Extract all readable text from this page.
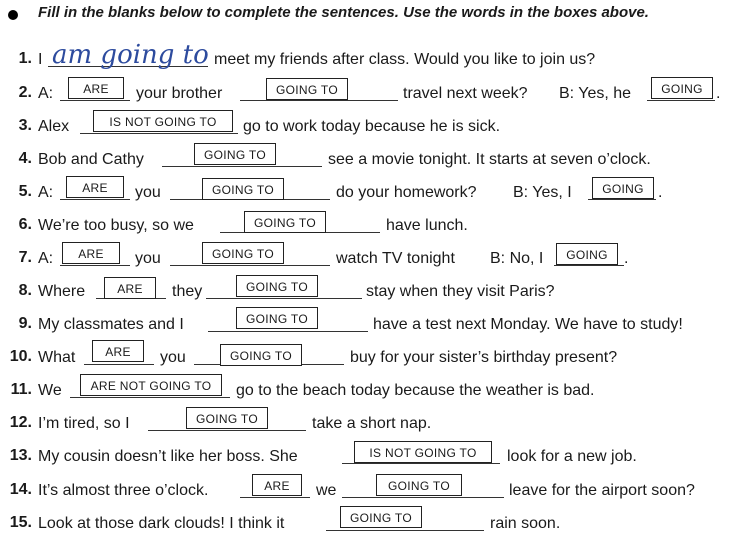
Fill in the blanks below to complete the sentences. Use the words in the boxes above.
1. I am going to meet my friends after class. Would you like to join us?
2. A:	ARE	your brother	GOING TO	travel next week? B: Yes, he	GOING .
3. Alex	IS NOT GOING TO	go to work today because he is sick.
4. Bob and Cathy	GOING TO	see a movie tonight. It starts at seven o’clock.
5. A:	ARE	you	GOING TO	do your homework? B: Yes, I	GOING .
6. We’re too busy, so we	GOING TO	have lunch.
7. A:	ARE	you	GOING TO	watch TV tonight B: No, I	GOING	.
8. Where	ARE	they	GOING TO	stay when they visit Paris?
9. My classmates and I	GOING TO	have a test next Monday. We have to study!
10. What	ARE	you	GOING TO	buy for your sister’s birthday present?
11. We	ARE NOT GOING TO	go to the beach today because the weather is bad.
12. I’m tired, so I	GOING TO	take a short nap.
13. My cousin doesn’t like her boss. She	IS NOT GOING TO	look for a new job.
14. It’s almost three o’clock.	ARE	we	GOING TO	leave for the airport soon?
15. Look at those dark clouds! I think it	GOING TO	rain soon.
